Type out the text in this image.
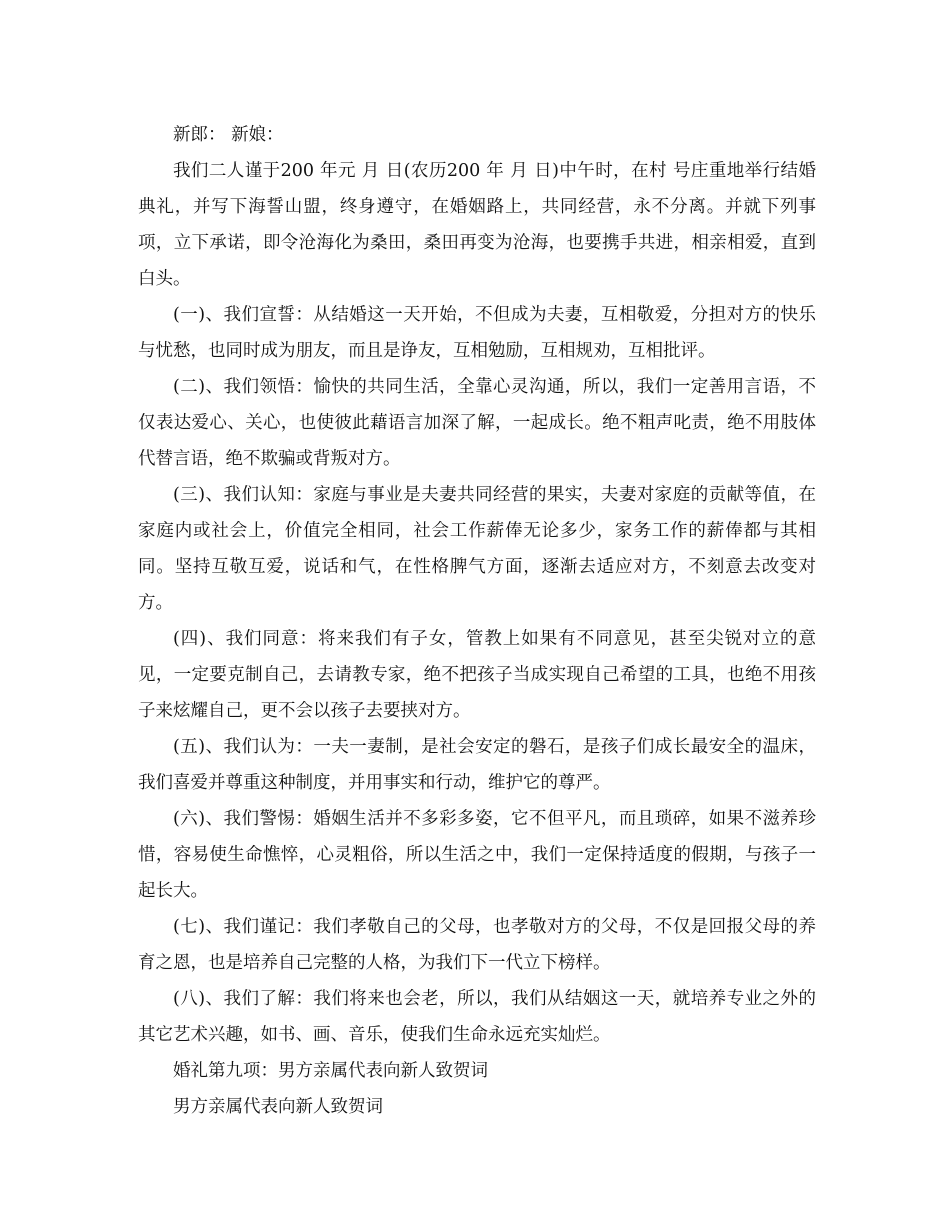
新郎： 新娘：

我们二人谨于200 年元 月 日(农历200 年 月 日)中午时，在村 号庄重地举行结婚典礼，并写下海誓山盟，终身遵守，在婚姻路上，共同经营，永不分离。并就下列事项，立下承诺，即令沧海化为桑田，桑田再变为沧海，也要携手共进，相亲相爱，直到白头。

(一)、我们宣誓：从结婚这一天开始，不但成为夫妻，互相敬爱，分担对方的快乐与忧愁，也同时成为朋友，而且是诤友，互相勉励，互相规劝，互相批评。

(二)、我们领悟：愉快的共同生活，全靠心灵沟通，所以，我们一定善用言语，不仅表达爱心、关心，也使彼此藉语言加深了解，一起成长。绝不粗声叱责，绝不用肢体代替言语，绝不欺骗或背叛对方。

(三)、我们认知：家庭与事业是夫妻共同经营的果实，夫妻对家庭的贡献等值，在家庭内或社会上，价值完全相同，社会工作薪俸无论多少，家务工作的薪俸都与其相同。坚持互敬互爱，说话和气，在性格脾气方面，逐渐去适应对方，不刻意去改变对方。

(四)、我们同意：将来我们有子女，管教上如果有不同意见，甚至尖锐对立的意见，一定要克制自己，去请教专家，绝不把孩子当成实现自己希望的工具，也绝不用孩子来炫耀自己，更不会以孩子去要挟对方。

(五)、我们认为：一夫一妻制，是社会安定的磐石，是孩子们成长最安全的温床，我们喜爱并尊重这种制度，并用事实和行动，维护它的尊严。

(六)、我们警惕：婚姻生活并不多彩多姿，它不但平凡，而且琐碎，如果不滋养珍惜，容易使生命憔悴，心灵粗俗，所以生活之中，我们一定保持适度的假期，与孩子一起长大。

(七)、我们谨记：我们孝敬自己的父母，也孝敬对方的父母，不仅是回报父母的养育之恩，也是培养自己完整的人格，为我们下一代立下榜样。

(八)、我们了解：我们将来也会老，所以，我们从结姻这一天，就培养专业之外的其它艺术兴趣，如书、画、音乐，使我们生命永远充实灿烂。

婚礼第九项：男方亲属代表向新人致贺词

男方亲属代表向新人致贺词
